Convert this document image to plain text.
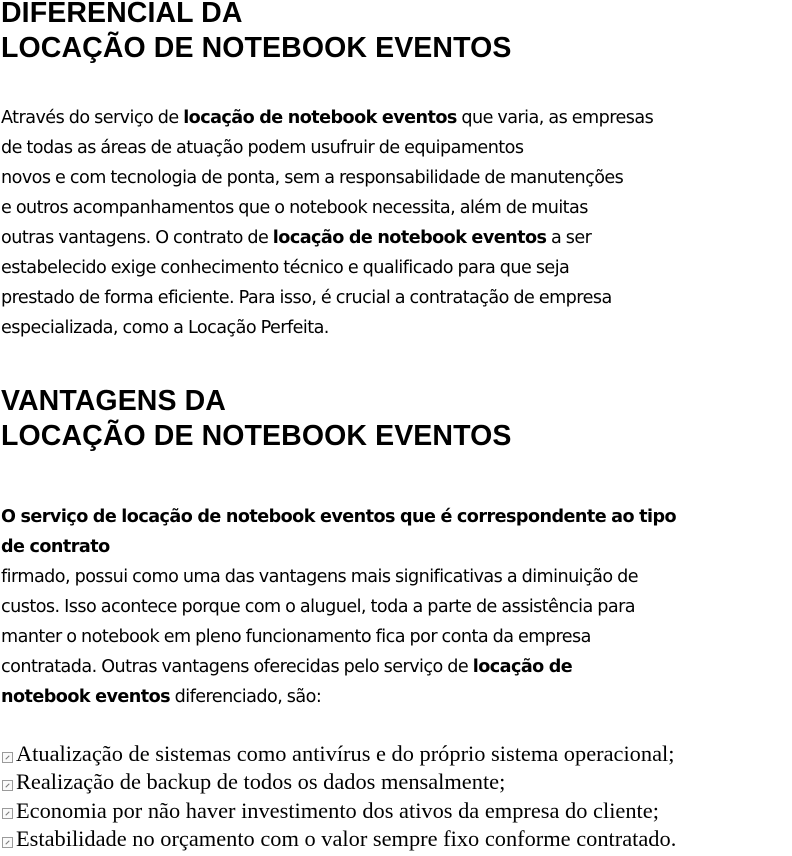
DIFERENCIAL DA
LOCAÇÃO DE NOTEBOOK EVENTOS
Através do serviço de locação de notebook eventos que varia, as empresas
de todas as áreas de atuação podem usufruir de equipamentos
novos e com tecnologia de ponta, sem a responsabilidade de manutenções
e outros acompanhamentos que o notebook necessita, além de muitas
outras vantagens. O contrato de locação de notebook eventos a ser
estabelecido exige conhecimento técnico e qualificado para que seja
prestado de forma eficiente. Para isso, é crucial a contratação de empresa
especializada, como a Locação Perfeita.
VANTAGENS DA
LOCAÇÃO DE NOTEBOOK EVENTOS
O serviço de locação de notebook eventos que é correspondente ao tipo
de contrato
firmado, possui como uma das vantagens mais significativas a diminuição de
custos. Isso acontece porque com o aluguel, toda a parte de assistência para
manter o notebook em pleno funcionamento fica por conta da empresa
contratada. Outras vantagens oferecidas pelo serviço de locação de
notebook eventos diferenciado, são:
Atualização de sistemas como antivírus e do próprio sistema operacional;
Realização de backup de todos os dados mensalmente;
Economia por não haver investimento dos ativos da empresa do cliente;
Estabilidade no orçamento com o valor sempre fixo conforme contratado.
